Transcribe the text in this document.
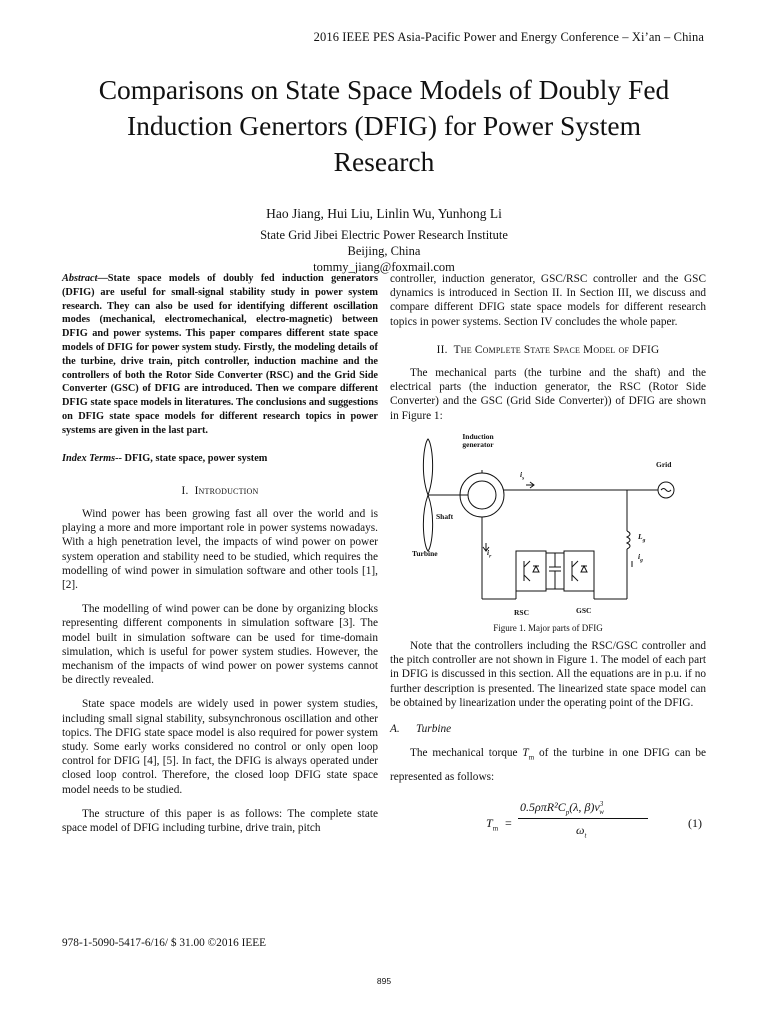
2016 IEEE PES Asia-Pacific Power and Energy Conference – Xi’an – China
Comparisons on State Space Models of Doubly Fed
Induction Genertors (DFIG) for Power System
Research
Hao Jiang, Hui Liu, Linlin Wu, Yunhong Li
State Grid Jibei Electric Power Research Institute
Beijing, China
tommy_jiang@foxmail.com
Abstract—State space models of doubly fed induction generators (DFIG) are useful for small-signal stability study in power system research. They can also be used for identifying different oscillation modes (mechanical, electromechanical, electro-magnetic) between DFIG and power systems. This paper compares different state space models of DFIG for power system study. Firstly, the modeling details of the turbine, drive train, pitch controller, induction machine and the controllers of both the Rotor Side Converter (RSC) and the Grid Side Converter (GSC) of DFIG are introduced. Then we compare different DFIG state space models in literatures. The conclusions and suggestions on DFIG state space models for different research topics in power systems are given in the last part.
Index Terms-- DFIG, state space, power system
I. Introduction

Wind power has been growing fast all over the world and is playing a more and more important role in power systems nowadays. With a high penetration level, the impacts of wind power on power system operation and stability need to be studied, which requires the modelling of wind power in simulation software and other tools [1], [2].

The modelling of wind power can be done by organizing blocks representing different components in simulation software [3]. The model built in simulation software can be used for time-domain simulation, which is useful for power system studies. However, the mechanism of the impacts of wind power on power systems cannot be directly revealed.

State space models are widely used in power system studies, including small signal stability, subsynchronous oscillation and other topics. The DFIG state space model is also required for power system study. Some early works considered no control or only open loop control for DFIG [4], [5]. In fact, the DFIG is always operated under closed loop control. Therefore, the closed loop DFIG state space model needs to be studied.

The structure of this paper is as follows: The complete state space model of DFIG including turbine, drive train, pitch

controller, induction generator, GSC/RSC controller and the GSC dynamics is introduced in Section II. In Section III, we discuss and compare different DFIG state space models for different research topics in power systems. Section IV concludes the whole paper.

II. The Complete State Space Model of DFIG

The mechanical parts (the turbine and the shaft) and the electrical parts (the induction generator, the RSC (Rotor Side Converter) and the GSC (Grid Side Converter)) of DFIG are shown in Figure 1:

Induction
generator
Grid
Shaft
Turbine
$i_s$
$i_r$
$L_g$
$i_g$
RSC	GSC
Figure 1. Major parts of DFIG

Note that the controllers including the RSC/GSC controller and the pitch controller are not shown in Figure 1. The model of each part in DFIG is discussed in this section. All the equations are in p.u. if no further description is presented. The linearized state space model can be obtained by linearization under the operating point of the DFIG.

A. Turbine

The mechanical torque $T_m$ of the turbine in one DFIG can be represented as follows:

$T_m$ =
$0.5\rho\pi R^2C_p(\lambda$, $\beta)v^3_w$
$\omega_t$
(1)
978-1-5090-5417-6/16/ $ 31.00 ©2016 IEEE
895
